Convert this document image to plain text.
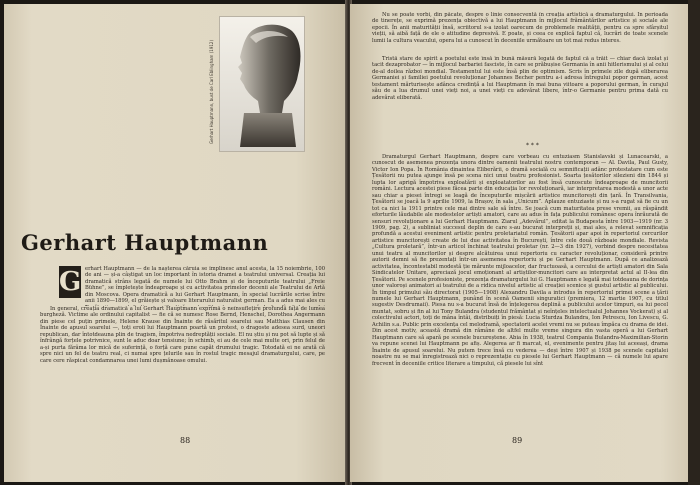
Gerhart Hauptmann, bust de Carl Eblingham (1912)
Gerhart Hauptmann
G erhart Hauptmann — de la nașterea căruia se împlinesc anul acesta, la 15 noiembrie, 100 de ani — și-a câștigat un loc important în istoria dramei a teatrului universal. Creația lui dramatică strâns legată de numele lui Otto Brahm și de începuturile teatrului „Freie Bühne”, se împletește îndeaproape și cu activitatea primelor decenii ale Teatrului de Artă din Moscova. Opera dramatică a lui Gerhart Hauptmann, în special lucrările scrise între anii 1890—1899, el grăiește și valoare literarului naturalist german. Ea a adus mai ales cu

În general, creația dramatică a lui Gerhart Hauptmann exprimă o neînsuflețire profundă față de lumea burgheză. Victime ale ordinului capitalist — fie că se numesc Rose Bernd, Henschel, Dorothea Angermann din piese cel puțin primele, Helene Krause din Înainte de răsăritul soarelui sau Matthias Clausen din Înainte de apusul soarelui —, toți eroii lui Hauptmann poartă un protest, o dragoste adesea surd, uneori republican, dar întotdeauna plin de tragism, împotriva nedreptății sociale. El nu știu și nu pot să lupte și să înfrângă forțele potrivnice, sunt le aduc doar tensiune; în schimb, ei au de cele mai multe ori, prin felul de a-și purta fărâma lor mică de suferință, o forță care pune capăt drumului tragic. Totodată ei ne arată că spre nici un fel de teatru real, ci numai spre țelurile sau în rostul tragic mesajul dramaturgului, care, pe care cere răspicat condamnarea unei lumi dușmănoase omului.

88

Nu se poate vorbi, din păcate, despre o linie consecventă în creația artistică a dramaturgului. În perioada de tinerețe, se exprimă prezența obiectivă a lui Hauptmann în mijlocul frământărilor artistice și sociale ale epocii. În anii maturității însă, scriitorul s-a izolat oarecum de problemele realității, pentru ca spre sfârșitul vieții, să aibă față de ele o atitudine depresivă. E poate, și ceea ce explică faptul că, lucrări de toate scenele lumii la cultura veacului, opera lui a cunoscut în deceniile următoare un tot mai redus interes.

Tristă stare de spirit a poetului este însă în bună măsură legată de faptul că a trăit — chiar dacă izolat și tacit dezaprobator — în mijlocul barbariei fasciste, în care se prăbușise Germania în anii hitlerismului și al celui de-al doilea război mondial. Testamentul lui este însă plin de optimism. Scris în primele zile după eliberarea Germaniei și familiei poetului revoluționar Johannes Becher pentru a-i adresa întregului popor german, acest testament mărturisește adânca credință a lui Hauptmann în mai buna viitoare a poporului german, în curajul său de a lua drumul unei vieți noi, a unei vieți cu adevărat libere, într-o Germanie pentru prima dată cu adevărat eliberată.

* * *

Dramaturgul Gerhart Hauptmann, despre care vorbeau cu entuziasm Stanislavski și Lunacearski, a cunoscut de asemenea prezența unora dintre oamenii teatrului nostru contemporan — Al. Davila, Paul Gusty, Victor Ion Popa. În România dinaintea Eliberării, o dramă socială cu semnificații adânc protestatare cum este Țesătorii nu putea ajunge însă pe scena nici unui teatru profesionist. Soarta țesătorilor silezieni din 1844 și lupta lor aprigă împotriva exploatării și exploatatorilor au fost însă cunoscute îndeaproape de muncitorii români. Lectura acestei piese făcea parte din educația lor revoluționară, iar interpretarea modestă a unor acte sau chiar a piesei întregi se leagă de începuturile mișcării artistice muncitorești din țară. În Transilvania, Țesătorii se joacă la 9 aprilie 1909, la Brașov, în sala „Unicum”. Aplauze entuziaste și nu s-a rugat să fie cu un tot ca nici la 1911 printre cele mai dintre sale să între. Se joacă cum maturitatea prese vremii, au răspândit eforturile lăudabile ale modestelor artiști amatori, care au adus în fața publicului românesc opera înrăurată de sensuri revoluționare a lui Gerhart Hauptmann. Ziarul „Adevărul”, editat la Budapesta între 1903—1919 (nr. 3 1909, pag. 2), a subliniat succesul deplin de care s-au bucurat interpreții și, mai ales, a relevat semnificația profundă a acestui eveniment artistic pentru proletariatul român. Țesătorii apar apoi în repertoriul cercurilor artistice muncitorești create de lui due activitatea în București, între cele două războaie mondiale. Revista „Cultura proletară”, într-un articol închinat teatrului proletar (nr. 2—3 din 1927), vorbind despre necesitatea unui teatru al muncitorilor și despre alcătuirea unui repertoriu cu caracter revoluționar, consideră printre autorii demni să fie prezentați într-un asemenea repertoriu și pe Gerhart Hauptmann. După ce analizează activitatea, încontestabil modestă ție mărunte mijloacelor, dar fructuoasă, a cercului de artiști amatori din Sala Sindicatelor Unitare, apreciază jocul emoționant al artiștilor-muncitori care au interpretat actul al II-lea din Țesătorii. Pe scenele profesioniste, prezența dramaturgului lui G. Hauptmann e legată mai totdeauna de dorința unor valoroși animatori ai teatrului de a ridica nivelul artistic al creației scenice și gustul artistic al publicului. În timpul primului său directorat (1905—1908) Alexandru Davila a introdus în repertoriul primei scene a țării numele lui Gerhart Hauptmann, punând în scenă Oamenii singuratici (premiera, 12 martie 1907, cu titlul sugestiv Desdrumaii). Piesa nu s-a bucurat însă de înțelegerea deplină a publicului acelor timpuri, ea lui pecel muntat, sobru și fin al lui Tony Bulandra (studentul frământat și neînțeles intelectualul Johannes Vockerat) și al colectivului actori, toți de mâna întâi, distribuiți în piesă: Lucia Sturdza Bulandra, Ion Petrescu, Ion Livescu, G. Achilin s.a. Public prin excelența cel melodramă, spectatorii acelei vremi nu se puteau împăca cu drama de idei. Din acest motiv, această dramă din rămâne de altfel multe vreme singura din vasta operă a lui Gerhart Hauptmann care să apară pe scenele bucureștene. Abia în 1938, teatrul Compania Bulandra-Maximilian-Storin va repune scenei lui Hauptmann pe afiș. Alegerea ar fi marcat, el, evenimente pentru jitaș lui aceeași, drama Înainte de apusul soarelui. Nu putem trece însă cu vederea — deși între 1907 și 1938 pe scenele capitalei noastre nu se mai înregistrează nici o reprezentație cu piesele lui Gerhart Hauptmann — că numele lui apare frecvent în deceniile critice literare a timpului, că piesele lui sînt

89
